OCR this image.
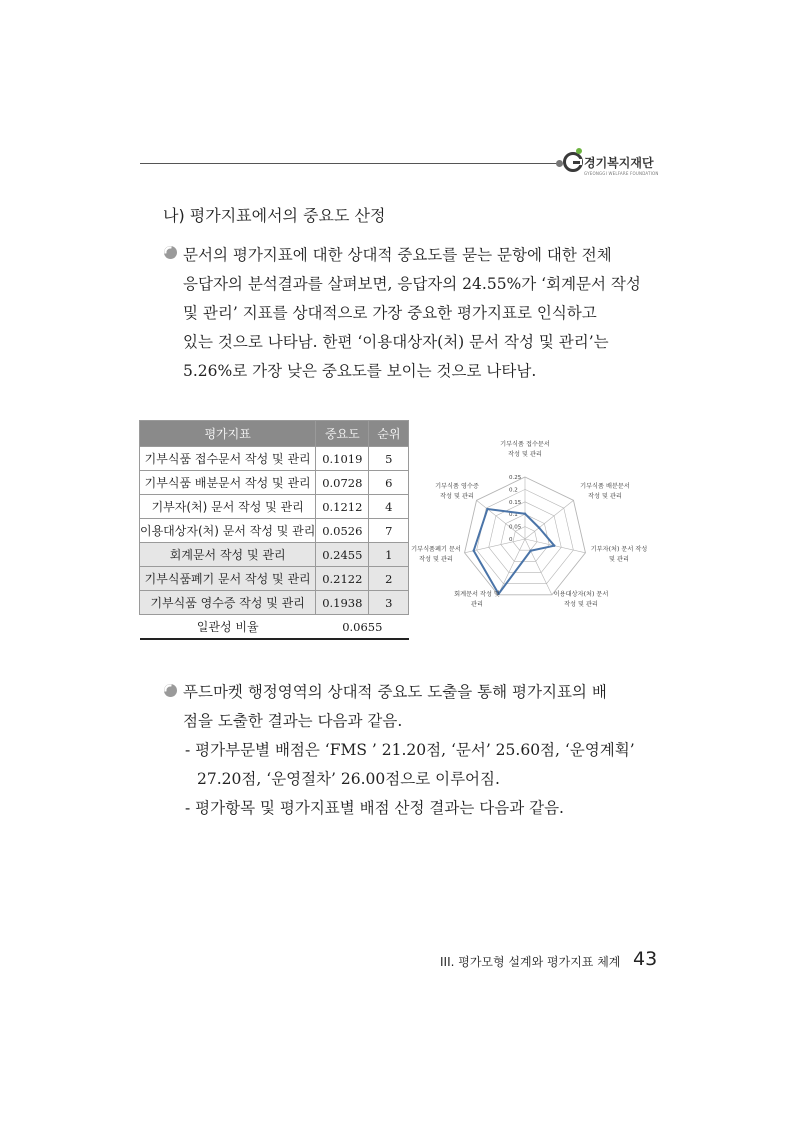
경기복지재단
GYEONGGI WELFARE FOUNDATION
나) 평가지표에서의 중요도 산정
문서의 평가지표에 대한 상대적 중요도를 묻는 문항에 대한 전체
응답자의 분석결과를 살펴보면, 응답자의 24.55%가 ‘회계문서 작성
및 관리’ 지표를 상대적으로 가장 중요한 평가지표로 인식하고
있는 것으로 나타남. 한편 ‘이용대상자(처) 문서 작성 및 관리’는
5.26%로 가장 낮은 중요도를 보이는 것으로 나타남.
평가지표	중요도	순위
기부식품 접수문서 작성 및 관리	0.1019	5
기부식품 배분문서 작성 및 관리	0.0728	6
기부자(처) 문서 작성 및 관리	0.1212	4
이용대상자(처) 문서 작성 및 관리	0.0526	7
회계문서 작성 및 관리	0.2455	1
기부식품폐기 문서 작성 및 관리	0.2122	2
기부식품 영수증 작성 및 관리	0.1938	3
일관성 비율	0.0655	
0
0.05
0.1
0.15
0.2
0.25
기부식품 접수문서
작성 및 관리
기부식품 배분문서
작성 및 관리
기부자(처) 문서 작성
및 관리
이용대상자(처) 문서
작성 및 관리
회계문서 작성 및
관리
기부식품폐기 문서
작성 및 관리
기부식품 영수증
작성 및 관리
푸드마켓 행정영역의 상대적 중요도 도출을 통해 평가지표의 배
점을 도출한 결과는 다음과 같음.
- 평가부문별 배점은 ‘FMS ’ 21.20점, ‘문서’ 25.60점, ‘운영계획’
27.20점, ‘운영절차’ 26.00점으로 이루어짐.
- 평가항목 및 평가지표별 배점 산정 결과는 다음과 같음.
III. 평가모형 설계와 평가지표 체계 43
